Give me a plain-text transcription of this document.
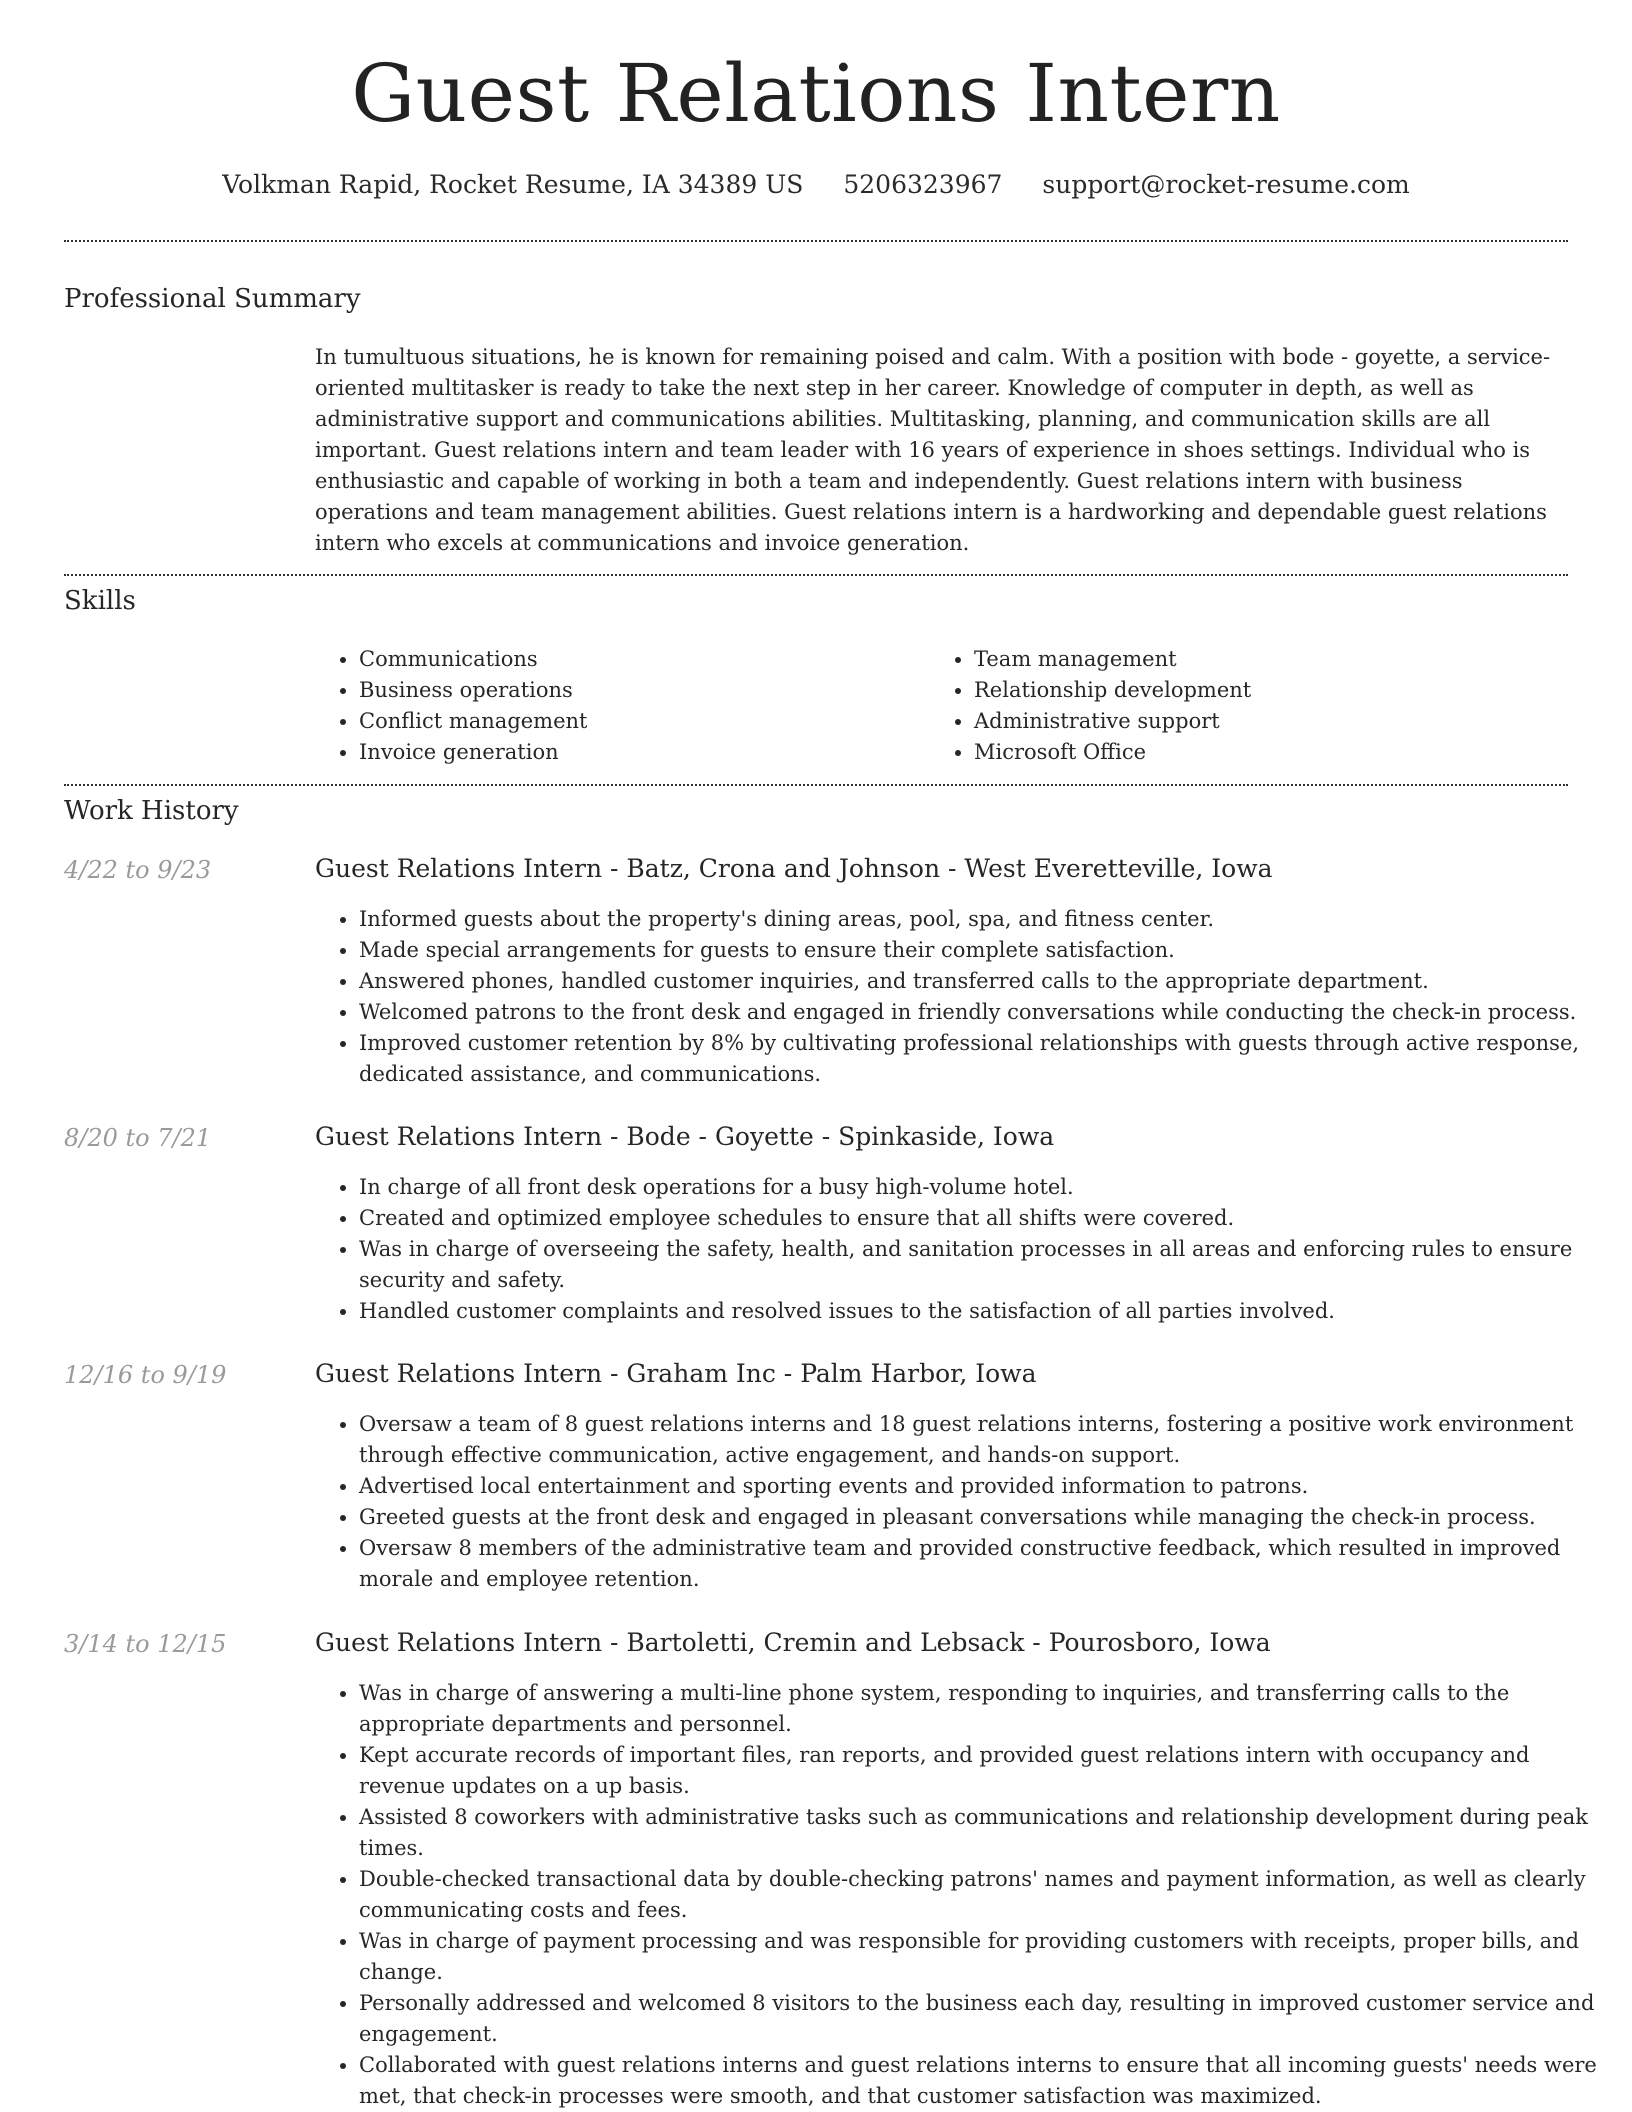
Guest Relations Intern
Volkman Rapid, Rocket Resume, IA 34389 US 5206323967 support@rocket-resume.com
Professional Summary

In tumultuous situations, he is known for remaining poised and calm. With a position with bode - goyette, a service-oriented multitasker is ready to take the next step in her career. Knowledge of computer in depth, as well as administrative support and communications abilities. Multitasking, planning, and communication skills are all important. Guest relations intern and team leader with 16 years of experience in shoes settings. Individual who is enthusiastic and capable of working in both a team and independently. Guest relations intern with business operations and team management abilities. Guest relations intern is a hardworking and dependable guest relations intern who excels at communications and invoice generation.

Skills
• Communications
• Business operations
• Conflict management
• Invoice generation
• Team management
• Relationship development
• Administrative support
• Microsoft Office
Work History
4/22 to 9/23	Guest Relations Intern - Batz, Crona and Johnson - West Everetteville, Iowa
• Informed guests about the property's dining areas, pool, spa, and fitness center.
• Made special arrangements for guests to ensure their complete satisfaction.
• Answered phones, handled customer inquiries, and transferred calls to the appropriate department.
• Welcomed patrons to the front desk and engaged in friendly conversations while conducting the check-in process.
• Improved customer retention by 8% by cultivating professional relationships with guests through active response, dedicated assistance, and communications.
8/20 to 7/21	Guest Relations Intern - Bode - Goyette - Spinkaside, Iowa
• In charge of all front desk operations for a busy high-volume hotel.
• Created and optimized employee schedules to ensure that all shifts were covered.
• Was in charge of overseeing the safety, health, and sanitation processes in all areas and enforcing rules to ensure security and safety.
• Handled customer complaints and resolved issues to the satisfaction of all parties involved.
12/16 to 9/19	Guest Relations Intern - Graham Inc - Palm Harbor, Iowa
• Oversaw a team of 8 guest relations interns and 18 guest relations interns, fostering a positive work environment through effective communication, active engagement, and hands-on support.
• Advertised local entertainment and sporting events and provided information to patrons.
• Greeted guests at the front desk and engaged in pleasant conversations while managing the check-in process.
• Oversaw 8 members of the administrative team and provided constructive feedback, which resulted in improved morale and employee retention.
3/14 to 12/15	Guest Relations Intern - Bartoletti, Cremin and Lebsack - Pourosboro, Iowa
• Was in charge of answering a multi-line phone system, responding to inquiries, and transferring calls to the appropriate departments and personnel.
• Kept accurate records of important files, ran reports, and provided guest relations intern with occupancy and revenue updates on a up basis.
• Assisted 8 coworkers with administrative tasks such as communications and relationship development during peak times.
• Double-checked transactional data by double-checking patrons' names and payment information, as well as clearly communicating costs and fees.
• Was in charge of payment processing and was responsible for providing customers with receipts, proper bills, and change.
• Personally addressed and welcomed 8 visitors to the business each day, resulting in improved customer service and engagement.
• Collaborated with guest relations interns and guest relations interns to ensure that all incoming guests' needs were met, that check-in processes were smooth, and that customer satisfaction was maximized.
